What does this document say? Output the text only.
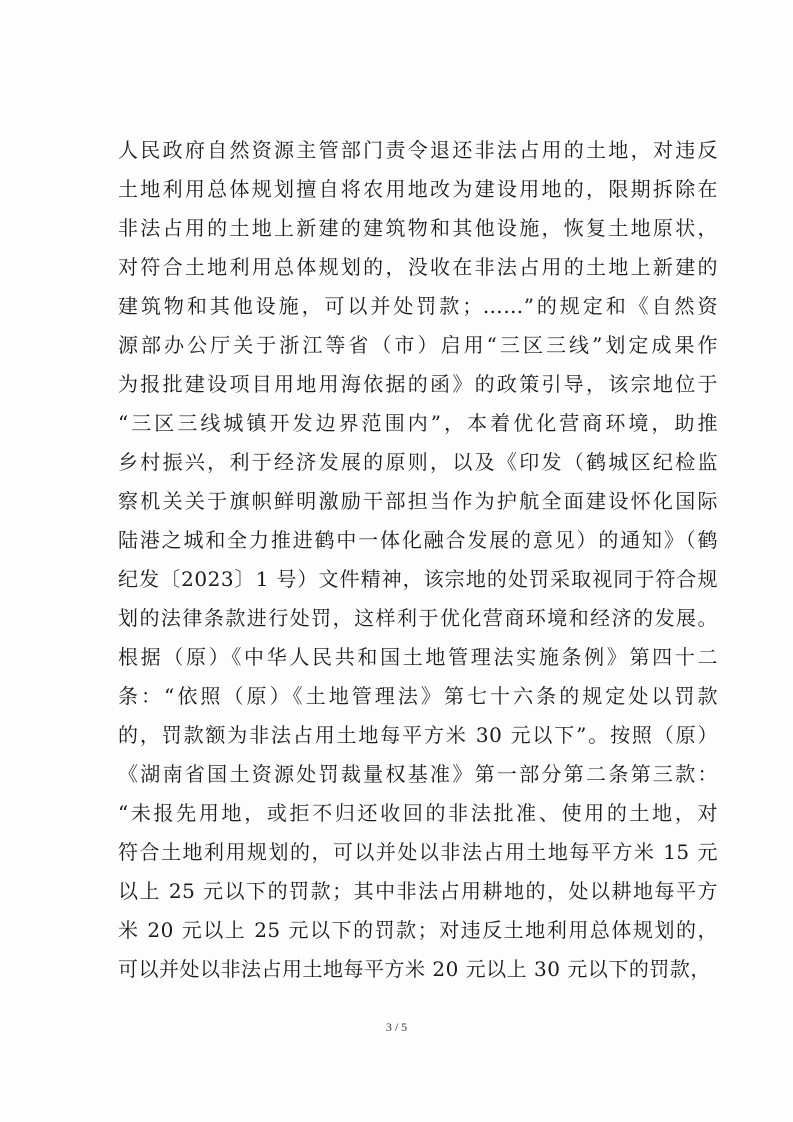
人民政府自然资源主管部门责令退还非法占用的土地，对违反
土地利用总体规划擅自将农用地改为建设用地的，限期拆除在
非法占用的土地上新建的建筑物和其他设施，恢复土地原状，
对符合土地利用总体规划的，没收在非法占用的土地上新建的
建筑物和其他设施，可以并处罚款；……”的规定和《自然资
源部办公厅关于浙江等省（市）启用“三区三线”划定成果作
为报批建设项目用地用海依据的函》的政策引导，该宗地位于
“三区三线城镇开发边界范围内”，本着优化营商环境，助推
乡村振兴，利于经济发展的原则，以及《印发（鹤城区纪检监
察机关关于旗帜鲜明激励干部担当作为护航全面建设怀化国际
陆港之城和全力推进鹤中一体化融合发展的意见）的通知》（鹤
纪发〔2023〕1 号）文件精神，该宗地的处罚采取视同于符合规
划的法律条款进行处罚，这样利于优化营商环境和经济的发展。
根据（原）《中华人民共和国土地管理法实施条例》第四十二
条：“依照（原）《土地管理法》第七十六条的规定处以罚款
的，罚款额为非法占用土地每平方米 30 元以下”。按照（原）
《湖南省国土资源处罚裁量权基准》第一部分第二条第三款：
“未报先用地，或拒不归还收回的非法批准、使用的土地，对
符合土地利用规划的，可以并处以非法占用土地每平方米 15 元
以上 25 元以下的罚款；其中非法占用耕地的，处以耕地每平方
米 20 元以上 25 元以下的罚款；对违反土地利用总体规划的，
可以并处以非法占用土地每平方米 20 元以上 30 元以下的罚款，
3 / 5
